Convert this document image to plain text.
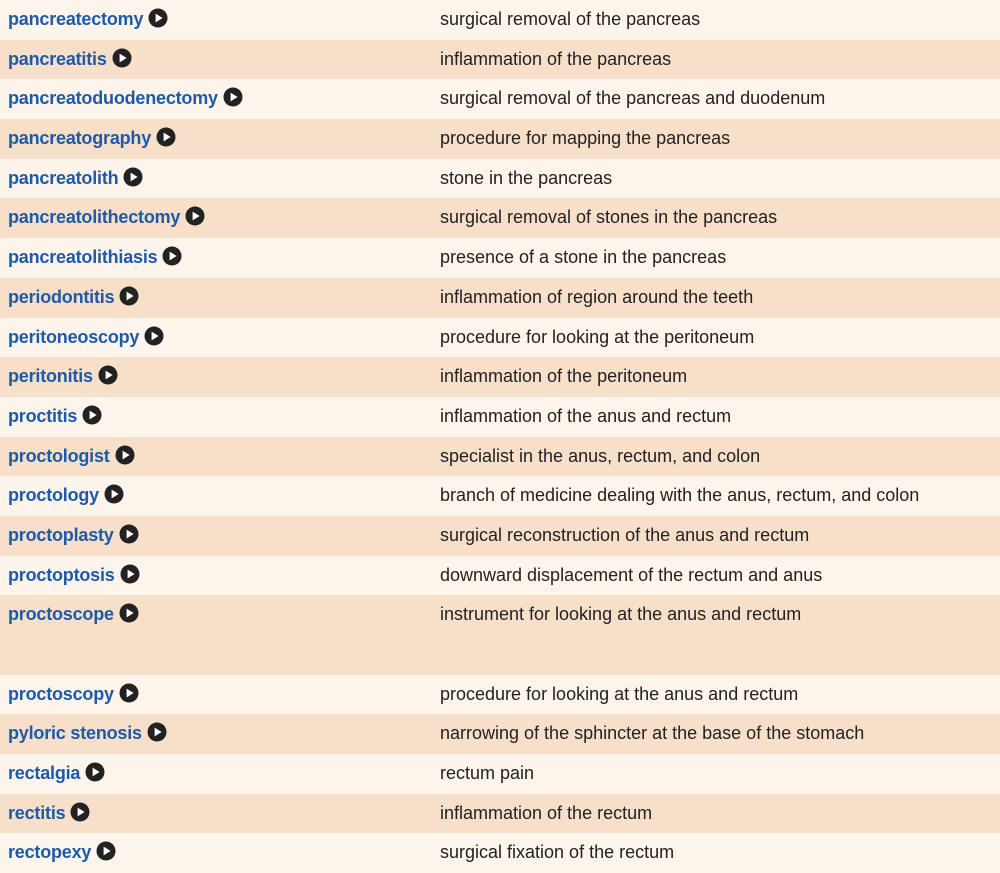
pancreatectomy	surgical removal of the pancreas
pancreatitis	inflammation of the pancreas
pancreatoduodenectomy	surgical removal of the pancreas and duodenum
pancreatography	procedure for mapping the pancreas
pancreatolith	stone in the pancreas
pancreatolithectomy	surgical removal of stones in the pancreas
pancreatolithiasis	presence of a stone in the pancreas
periodontitis	inflammation of region around the teeth
peritoneoscopy	procedure for looking at the peritoneum
peritonitis	inflammation of the peritoneum
proctitis	inflammation of the anus and rectum
proctologist	specialist in the anus, rectum, and colon
proctology	branch of medicine dealing with the anus, rectum, and colon
proctoplasty	surgical reconstruction of the anus and rectum
proctoptosis	downward displacement of the rectum and anus
proctoscope	instrument for looking at the anus and rectum
proctoscopy	procedure for looking at the anus and rectum
pyloric stenosis	narrowing of the sphincter at the base of the stomach
rectalgia	rectum pain
rectitis	inflammation of the rectum
rectopexy	surgical fixation of the rectum
